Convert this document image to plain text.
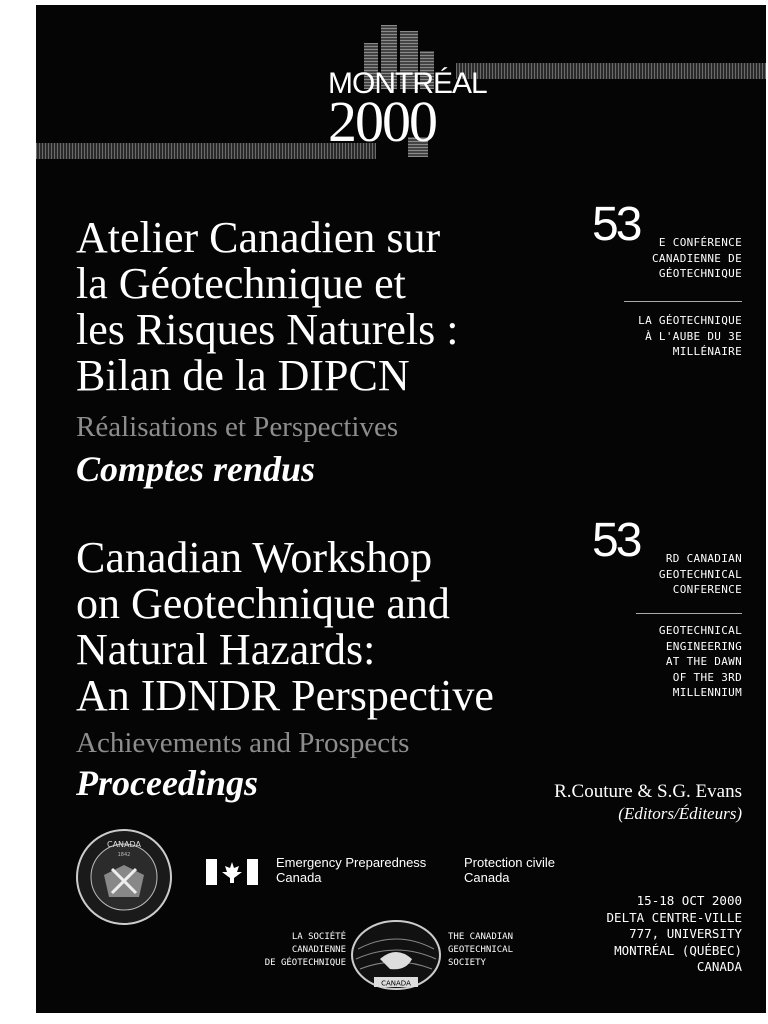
MONTRÉAL
2000
Atelier Canadien sur
la Géotechnique et
les Risques Naturels :
Bilan de la DIPCN
Réalisations et Perspectives
Comptes rendus
Canadian Workshop
on Geotechnique and
Natural Hazards:
An IDNDR Perspective
Achievements and Prospects
Proceedings
53	E CONFÉRENCE
CANADIENNE DE
GÉOTECHNIQUE
LA GÉOTECHNIQUE
À L'AUBE DU 3E
MILLÉNAIRE
53	RD CANADIAN
GEOTECHNICAL
CONFERENCE
GEOTECHNICAL
ENGINEERING
AT THE DAWN
OF THE 3RD
MILLENNIUM
R.Couture & S.G. Evans
(Editors/Éditeurs)
CANADA
1842	Emergency Preparedness
Canada
Protection civile
Canada
LA SOCIÉTÉ
CANADIENNE
DE GÉOTECHNIQUE
CANADA
THE CANADIAN
GEOTECHNICAL
SOCIETY
15-18 OCT 2000
DELTA CENTRE-VILLE
777, UNIVERSITY
MONTRÉAL (QUÉBEC)
CANADA
